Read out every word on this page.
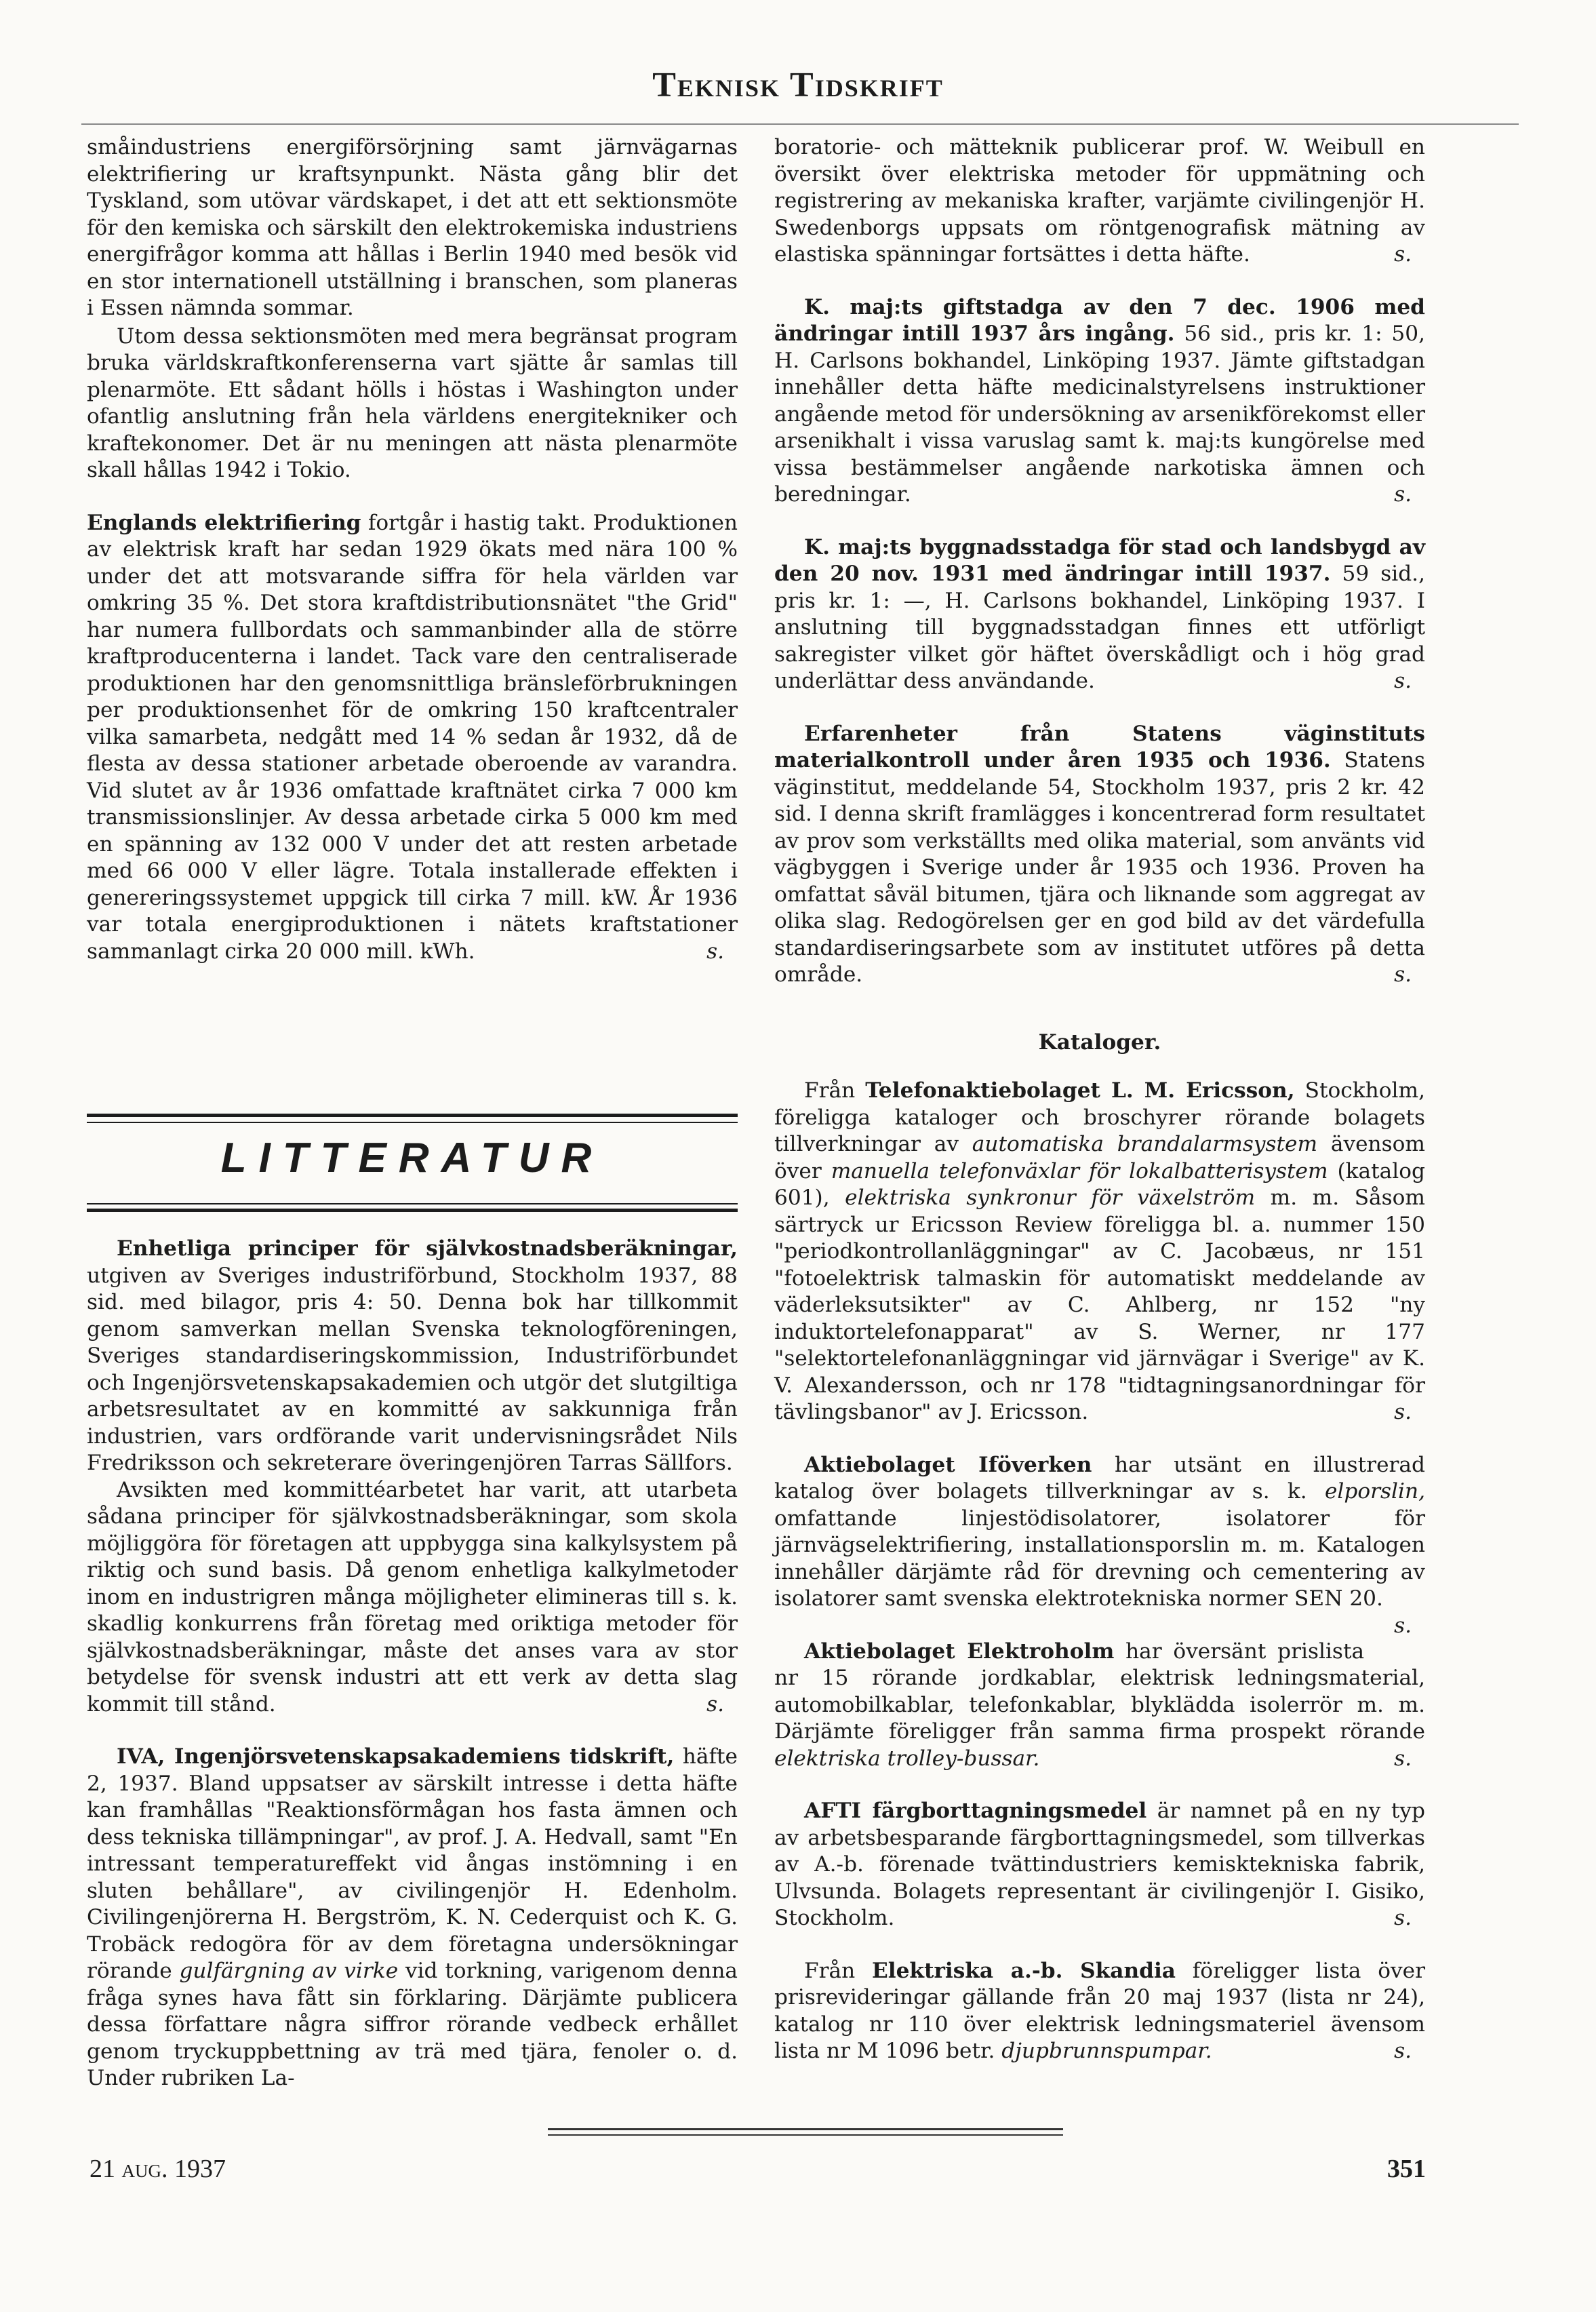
Teknisk Tidskrift

småindustriens energiförsörjning samt järnvägarnas elektrifiering ur kraftsynpunkt. Nästa gång blir det Tyskland, som utövar värdskapet, i det att ett sektionsmöte för den kemiska och särskilt den elektrokemiska industriens energifrågor komma att hållas i Berlin 1940 med besök vid en stor internationell utställning i branschen, som planeras i Essen nämnda sommar.

Utom dessa sektionsmöten med mera begränsat program bruka världskraftkonferenserna vart sjätte år samlas till plenarmöte. Ett sådant hölls i höstas i Washington under ofantlig anslutning från hela världens energitekniker och kraftekonomer. Det är nu meningen att nästa plenarmöte skall hållas 1942 i Tokio.

Englands elektrifiering fortgår i hastig takt. Produktionen av elektrisk kraft har sedan 1929 ökats med nära 100 % under det att motsvarande siffra för hela världen var omkring 35 %. Det stora kraftdistributionsnätet "the Grid" har numera fullbordats och sammanbinder alla de större kraftproducenterna i landet. Tack vare den centraliserade produktionen har den genomsnittliga bränsleförbrukningen per produktionsenhet för de omkring 150 kraftcentraler vilka samarbeta, nedgått med 14 % sedan år 1932, då de flesta av dessa stationer arbetade oberoende av varandra. Vid slutet av år 1936 omfattade kraftnätet cirka 7 000 km transmissionslinjer. Av dessa arbetade cirka 5 000 km med en spänning av 132 000 V under det att resten arbetade med 66 000 V eller lägre. Totala installerade effekten i genereringssystemet uppgick till cirka 7 mill. kW. År 1936 var totala energiproduktionen i nätets kraftstationer sammanlagt cirka 20 000 mill. kWh.	s.

LITTERATUR

Enhetliga principer för självkostnadsberäkningar, utgiven av Sveriges industriförbund, Stockholm 1937, 88 sid. med bilagor, pris 4: 50. Denna bok har tillkommit genom samverkan mellan Svenska teknologföreningen, Sveriges standardiseringskommission, Industriförbundet och Ingenjörsvetenskapsakademien och utgör det slutgiltiga arbetsresultatet av en kommitté av sakkunniga från industrien, vars ordförande varit undervisningsrådet Nils Fredriksson och sekreterare överingenjören Tarras Sällfors.

Avsikten med kommittéarbetet har varit, att utarbeta sådana principer för självkostnadsberäkningar, som skola möjliggöra för företagen att uppbygga sina kalkylsystem på riktig och sund basis. Då genom enhetliga kalkylmetoder inom en industrigren många möjligheter elimineras till s. k. skadlig konkurrens från företag med oriktiga metoder för självkostnadsberäkningar, måste det anses vara av stor betydelse för svensk industri att ett verk av detta slag kommit till stånd.	s.

IVA, Ingenjörsvetenskapsakademiens tidskrift, häfte 2, 1937. Bland uppsatser av särskilt intresse i detta häfte kan framhållas "Reaktionsförmågan hos fasta ämnen och dess tekniska tillämpningar", av prof. J. A. Hedvall, samt "En intressant temperatureffekt vid ångas instömning i en sluten behållare", av civilingenjör H. Edenholm. Civilingenjörerna H. Bergström, K. N. Cederquist och K. G. Trobäck redogöra för av dem företagna undersökningar rörande gulfärgning av virke vid torkning, varigenom denna fråga synes hava fått sin förklaring. Därjämte publicera dessa författare några siffror rörande vedbeck erhållet genom tryckuppbettning av trä med tjära, fenoler o. d. Under rubriken La-

boratorie- och mätteknik publicerar prof. W. Weibull en översikt över elektriska metoder för uppmätning och registrering av mekaniska krafter, varjämte civilingenjör H. Swedenborgs uppsats om röntgenografisk mätning av elastiska spänningar fortsättes i detta häfte.	s.

K. maj:ts giftstadga av den 7 dec. 1906 med ändringar intill 1937 års ingång. 56 sid., pris kr. 1: 50, H. Carlsons bokhandel, Linköping 1937. Jämte giftstadgan innehåller detta häfte medicinalstyrelsens instruktioner angående metod för undersökning av arsenikförekomst eller arsenikhalt i vissa varuslag samt k. maj:ts kungörelse med vissa bestämmelser angående narkotiska ämnen och beredningar.	s.

K. maj:ts byggnadsstadga för stad och landsbygd av den 20 nov. 1931 med ändringar intill 1937. 59 sid., pris kr. 1: —, H. Carlsons bokhandel, Linköping 1937. I anslutning till byggnadsstadgan finnes ett utförligt sakregister vilket gör häftet överskådligt och i hög grad underlättar dess användande.	s.

Erfarenheter från Statens väginstituts materialkontroll under åren 1935 och 1936. Statens väginstitut, meddelande 54, Stockholm 1937, pris 2 kr. 42 sid. I denna skrift framlägges i koncentrerad form resultatet av prov som verkställts med olika material, som använts vid vägbyggen i Sverige under år 1935 och 1936. Proven ha omfattat såväl bitumen, tjära och liknande som aggregat av olika slag. Redogörelsen ger en god bild av det värdefulla standardiseringsarbete som av institutet utföres på detta område.	s.

Kataloger.

Från Telefonaktiebolaget L. M. Ericsson, Stockholm, föreligga kataloger och broschyrer rörande bolagets tillverkningar av automatiska brandalarmsystem ävensom över manuella telefonväxlar för lokalbatterisystem (katalog 601), elektriska synkronur för växelström m. m. Såsom särtryck ur Ericsson Review föreligga bl. a. nummer 150 "periodkontrollanläggningar" av C. Jacobæus, nr 151 "fotoelektrisk talmaskin för automatiskt meddelande av väderleksutsikter" av C. Ahlberg, nr 152 "ny induktortelefonapparat" av S. Werner, nr 177 "selektortelefonanläggningar vid järnvägar i Sverige" av K. V. Alexandersson, och nr 178 "tidtagningsanordningar för tävlingsbanor" av J. Ericsson.	s.

Aktiebolaget Iföverken har utsänt en illustrerad katalog över bolagets tillverkningar av s. k. elporslin, omfattande linjestödisolatorer, isolatorer för järnvägselektrifiering, installationsporslin m. m. Katalogen innehåller därjämte råd för drevning och cementering av isolatorer samt svenska elektrotekniska normer SEN 20.
s.

Aktiebolaget Elektroholm har översänt prislista nr 15 rörande jordkablar, elektrisk ledningsmaterial, automobilkablar, telefonkablar, blyklädda isolerrör m. m. Därjämte föreligger från samma firma prospekt rörande elektriska trolley-bussar.	s.

AFTI färgborttagningsmedel är namnet på en ny typ av arbetsbesparande färgborttagningsmedel, som tillverkas av A.-b. förenade tvättindustriers kemisktekniska fabrik, Ulvsunda. Bolagets representant är civilingenjör I. Gisiko, Stockholm.	s.

Från Elektriska a.-b. Skandia föreligger lista över prisrevideringar gällande från 20 maj 1937 (lista nr 24), katalog nr 110 över elektrisk ledningsmateriel ävensom lista nr M 1096 betr. djupbrunnspumpar.	s.

21 aug. 1937	351
